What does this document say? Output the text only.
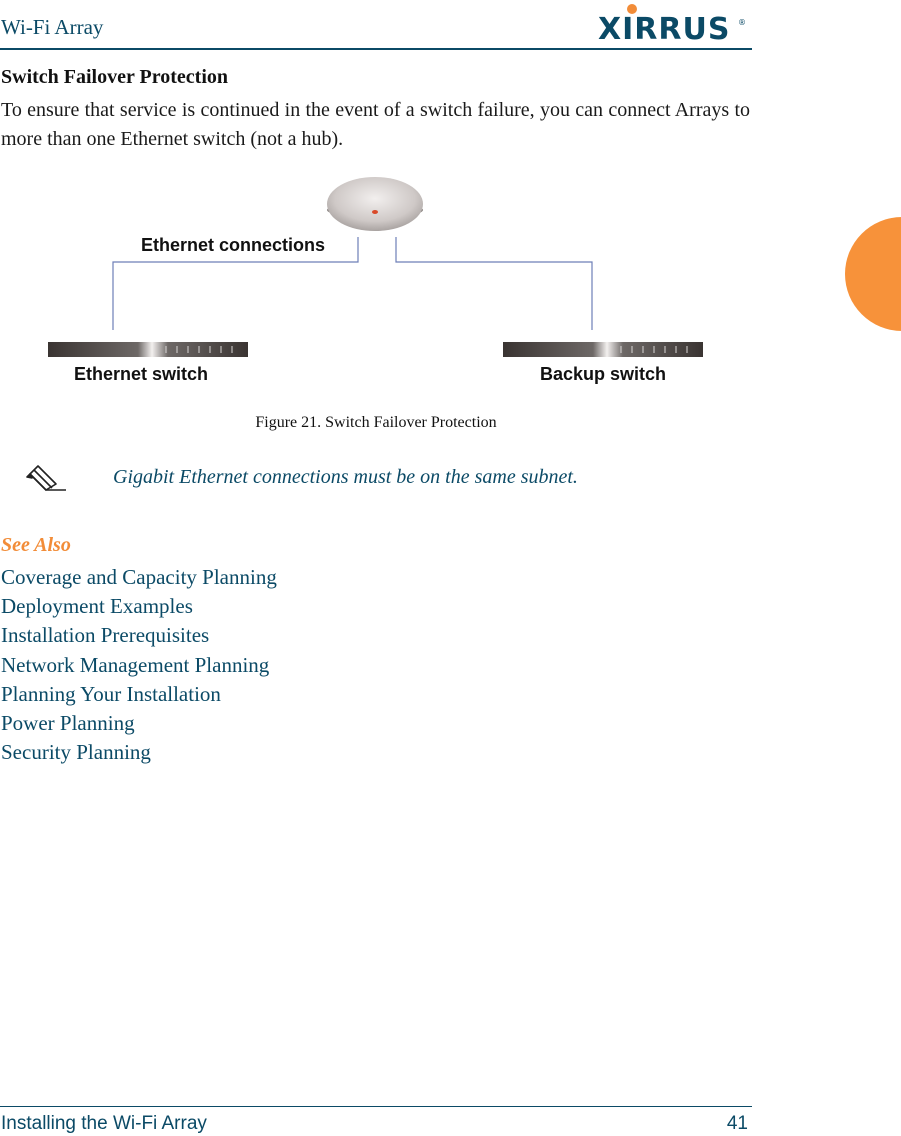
Wi-Fi Array	XIRRUS ®
Switch Failover Protection
To ensure that service is continued in the event of a switch failure, you can connect Arrays to more than one Ethernet switch (not a hub).
Ethernet connections
Ethernet switch	Backup switch
Figure 21. Switch Failover Protection
Gigabit Ethernet connections must be on the same subnet.
See Also
Coverage and Capacity Planning
Deployment Examples
Installation Prerequisites
Network Management Planning
Planning Your Installation
Power Planning
Security Planning
Installing the Wi-Fi Array	41
